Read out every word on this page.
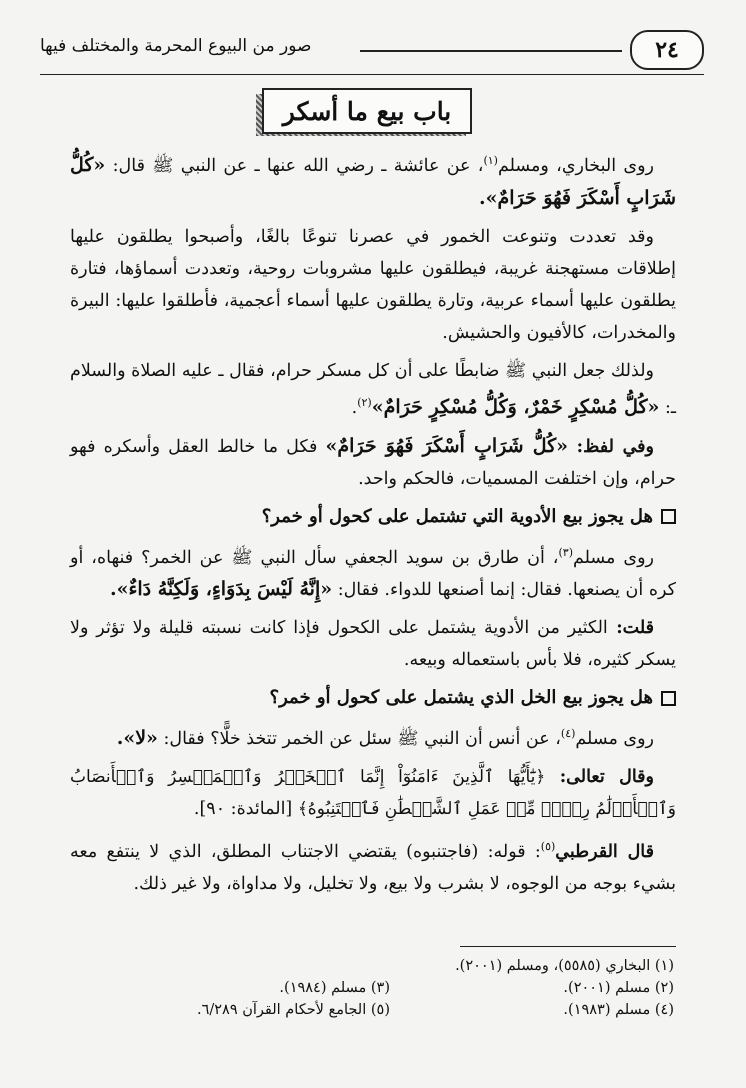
٢٤
صور من البيوع المحرمة والمختلف فيها
باب بيع ما أسكر

روى البخاري، ومسلم$^{(١)}$، عن عائشة ـ رضي الله عنها ـ عن النبي ﷺ قال: «كُلُّ شَرَابٍ أَسْكَرَ فَهُوَ حَرَامٌ».

وقد تعددت وتنوعت الخمور في عصرنا تنوعًا بالغًا، وأصبحوا يطلقون عليها إطلاقات مستهجنة غريبة، فيطلقون عليها مشروبات روحية، وتعددت أسماؤها، فتارة يطلقون عليها أسماء عربية، وتارة يطلقون عليها أسماء أعجمية، فأطلقوا عليها: البيرة والمخدرات، كالأفيون والحشيش.

ولذلك جعل النبي ﷺ ضابطًا على أن كل مسكر حرام، فقال ـ عليه الصلاة والسلام ـ: «كُلُّ مُسْكِرٍ خَمْرٌ، وَكُلُّ مُسْكِرٍ حَرَامٌ»$^{(٢)}$.

وفي لفظ: «كُلُّ شَرَابٍ أَسْكَرَ فَهُوَ حَرَامٌ» فكل ما خالط العقل وأسكره فهو حرام، وإن اختلفت المسميات، فالحكم واحد.

هل يجوز بيع الأدوية التي تشتمل على كحول أو خمر؟

روى مسلم$^{(٣)}$، أن طارق بن سويد الجعفي سأل النبي ﷺ عن الخمر؟ فنهاه، أو كره أن يصنعها. فقال: إنما أصنعها للدواء. فقال: «إِنَّهُ لَيْسَ بِدَوَاءٍ، وَلَكِنَّهُ دَاءٌ».

قلت: الكثير من الأدوية يشتمل على الكحول فإذا كانت نسبته قليلة ولا تؤثر ولا يسكر كثيره، فلا بأس باستعماله وبيعه.

هل يجوز بيع الخل الذي يشتمل على كحول أو خمر؟

روى مسلم$^{(٤)}$، عن أنس أن النبي ﷺ سئل عن الخمر تتخذ خلًّا؟ فقال: «لا».

وقال تعالى: ﴿يَٰٓأَيُّهَا ٱلَّذِينَ ءَامَنُوٓاْ إِنَّمَا ٱلۡخَمۡرُ وَٱلۡمَيۡسِرُ وَٱلۡأَنصَابُ وَٱلۡأَزۡلَٰمُ رِجۡسٞ مِّنۡ عَمَلِ ٱلشَّيۡطَٰنِ فَٱجۡتَنِبُوهُ﴾ [المائدة: ٩٠].

قال القرطبي$^{(٥)}$: قوله: (فاجتنبوه) يقتضي الاجتناب المطلق، الذي لا ينتفع معه بشيء بوجه من الوجوه، لا بشرب ولا بيع، ولا تخليل، ولا مداواة، ولا غير ذلك.

(١) البخاري (٥٥٨٥)، ومسلم (٢٠٠١).
(٢) مسلم (٢٠٠١).
(٣) مسلم (١٩٨٤).
(٤) مسلم (١٩٨٣).
(٥) الجامع لأحكام القرآن ٦/٢٨٩.
